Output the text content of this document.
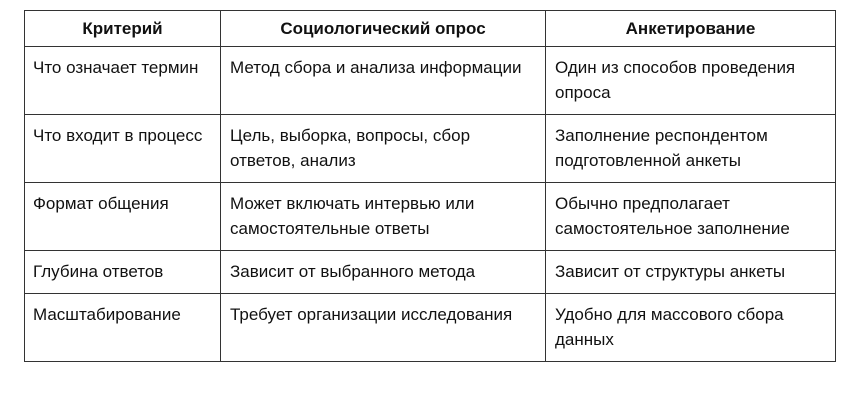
Критерий	Социологический опрос	Анкетирование
Что означает термин	Метод сбора и анализа информации	Один из способов проведения опроса
Что входит в процесс	Цель, выборка, вопросы, сбор ответов, анализ	Заполнение респондентом подготовленной анкеты
Формат общения	Может включать интервью или самостоятельные ответы	Обычно предполагает самостоятельное заполнение
Глубина ответов	Зависит от выбранного метода	Зависит от структуры анкеты
Масштабирование	Требует организации исследования	Удобно для массового сбора данных
